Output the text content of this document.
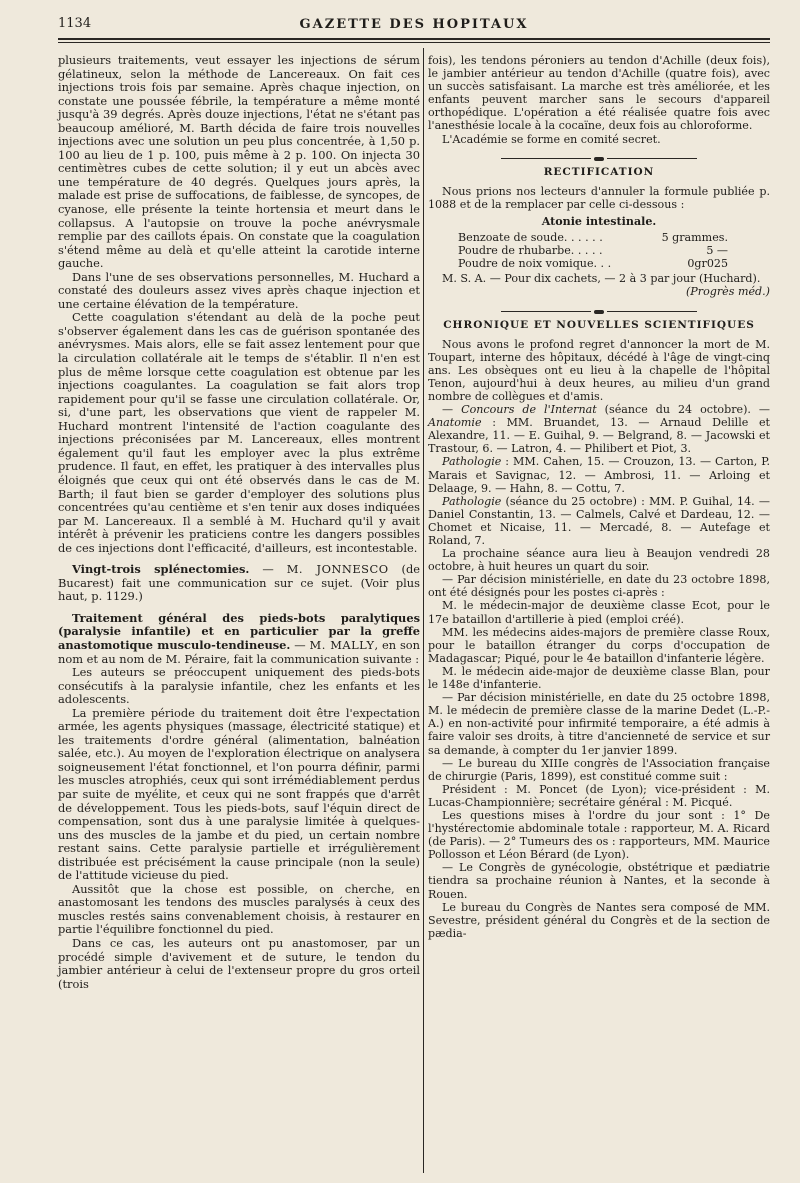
1134	GAZETTE DES HOPITAUX

plusieurs traitements, veut essayer les injections de sérum gélatineux, selon la méthode de Lancereaux. On fait ces injections trois fois par semaine. Après chaque injection, on constate une poussée fébrile, la température a même monté jusqu'à 39 degrés. Après douze injections, l'état ne s'étant pas beaucoup amélioré, M. Barth décida de faire trois nouvelles injections avec une solution un peu plus concentrée, à 1,50 p. 100 au lieu de 1 p. 100, puis même à 2 p. 100. On injecta 30 centimètres cubes de cette solution; il y eut un abcès avec une température de 40 degrés. Quelques jours après, la malade est prise de suffocations, de faiblesse, de syncopes, de cyanose, elle présente la teinte hortensia et meurt dans le collapsus. A l'autopsie on trouve la poche anévrysmale remplie par des caillots épais. On constate que la coagulation s'étend même au delà et qu'elle atteint la carotide interne gauche.

Dans l'une de ses observations personnelles, M. Huchard a constaté des douleurs assez vives après chaque injection et une certaine élévation de la température.

Cette coagulation s'étendant au delà de la poche peut s'observer également dans les cas de guérison spontanée des anévrysmes. Mais alors, elle se fait assez lentement pour que la circulation collatérale ait le temps de s'établir. Il n'en est plus de même lorsque cette coagulation est obtenue par les injections coagulantes. La coagulation se fait alors trop rapidement pour qu'il se fasse une circulation collatérale. Or, si, d'une part, les observations que vient de rappeler M. Huchard montrent l'intensité de l'action coagulante des injections préconisées par M. Lancereaux, elles montrent également qu'il faut les employer avec la plus extrême prudence. Il faut, en effet, les pratiquer à des intervalles plus éloignés que ceux qui ont été observés dans le cas de M. Barth; il faut bien se garder d'employer des solutions plus concentrées qu'au centième et s'en tenir aux doses indiquées par M. Lancereaux. Il a semblé à M. Huchard qu'il y avait intérêt à prévenir les praticiens contre les dangers possibles de ces injections dont l'efficacité, d'ailleurs, est incontestable.

Vingt-trois splénectomies. — M. JONNESCO (de Bucarest) fait une communication sur ce sujet. (Voir plus haut, p. 1129.)

Traitement général des pieds-bots paralytiques (paralysie infantile) et en particulier par la greffe anastomotique musculo-tendineuse. — M. MALLY, en son nom et au nom de M. Péraire, fait la communication suivante :

Les auteurs se préoccupent uniquement des pieds-bots consécutifs à la paralysie infantile, chez les enfants et les adolescents.

La première période du traitement doit être l'expectation armée, les agents physiques (massage, électricité statique) et les traitements d'ordre général (alimentation, balnéation salée, etc.). Au moyen de l'exploration électrique on analysera soigneusement l'état fonctionnel, et l'on pourra définir, parmi les muscles atrophiés, ceux qui sont irrémédiablement perdus par suite de myélite, et ceux qui ne sont frappés que d'arrêt de développement. Tous les pieds-bots, sauf l'équin direct de compensation, sont dus à une paralysie limitée à quelques-uns des muscles de la jambe et du pied, un certain nombre restant sains. Cette paralysie partielle et irrégulièrement distribuée est précisément la cause principale (non la seule) de l'attitude vicieuse du pied.

Aussitôt que la chose est possible, on cherche, en anastomosant les tendons des muscles paralysés à ceux des muscles restés sains convenablement choisis, à restaurer en partie l'équilibre fonctionnel du pied.

Dans ce cas, les auteurs ont pu anastomoser, par un procédé simple d'avivement et de suture, le tendon du jambier antérieur à celui de l'extenseur propre du gros orteil (trois

fois), les tendons péroniers au tendon d'Achille (deux fois), le jambier antérieur au tendon d'Achille (quatre fois), avec un succès satisfaisant. La marche est très améliorée, et les enfants peuvent marcher sans le secours d'appareil orthopédique. L'opération a été réalisée quatre fois avec l'anesthésie locale à la cocaïne, deux fois au chloroforme.

L'Académie se forme en comité secret.

RECTIFICATION

Nous prions nos lecteurs d'annuler la formule publiée p. 1088 et de la remplacer par celle ci-dessous :

Atonie intestinale.
Benzoate de soude. . . . . .	5 grammes.
Poudre de rhubarbe. . . . .	5 —
Poudre de noix vomique. . .	0gr025

M. S. A. — Pour dix cachets, — 2 à 3 par jour (Huchard).

(Progrès méd.)
CHRONIQUE ET NOUVELLES SCIENTIFIQUES

Nous avons le profond regret d'annoncer la mort de M. Toupart, interne des hôpitaux, décédé à l'âge de vingt-cinq ans. Les obsèques ont eu lieu à la chapelle de l'hôpital Tenon, aujourd'hui à deux heures, au milieu d'un grand nombre de collègues et d'amis.

— Concours de l'Internat (séance du 24 octobre). — Anatomie : MM. Bruandet, 13. — Arnaud Delille et Alexandre, 11. — E. Guihal, 9. — Belgrand, 8. — Jacowski et Trastour, 6. — Latron, 4. — Philibert et Piot, 3.

Pathologie : MM. Cahen, 15. — Crouzon, 13. — Carton, P. Marais et Savignac, 12. — Ambrosi, 11. — Arloing et Delaage, 9. — Hahn, 8. — Cottu, 7.

Pathologie (séance du 25 octobre) : MM. P. Guihal, 14. — Daniel Constantin, 13. — Calmels, Calvé et Dardeau, 12. — Chomet et Nicaise, 11. — Mercadé, 8. — Autefage et Roland, 7.

La prochaine séance aura lieu à Beaujon vendredi 28 octobre, à huit heures un quart du soir.

— Par décision ministérielle, en date du 23 octobre 1898, ont été désignés pour les postes ci-après :

M. le médecin-major de deuxième classe Ecot, pour le 17e bataillon d'artillerie à pied (emploi créé).

MM. les médecins aides-majors de première classe Roux, pour le bataillon étranger du corps d'occupation de Madagascar; Piqué, pour le 4e bataillon d'infanterie légère.

M. le médecin aide-major de deuxième classe Blan, pour le 148e d'infanterie.

— Par décision ministérielle, en date du 25 octobre 1898, M. le médecin de première classe de la marine Dedet (L.-P.-A.) en non-activité pour infirmité temporaire, a été admis à faire valoir ses droits, à titre d'ancienneté de service et sur sa demande, à compter du 1er janvier 1899.

— Le bureau du XIIIe congrès de l'Association française de chirurgie (Paris, 1899), est constitué comme suit :

Président : M. Poncet (de Lyon); vice-président : M. Lucas-Championnière; secrétaire général : M. Picqué.

Les questions mises à l'ordre du jour sont : 1° De l'hystérectomie abdominale totale : rapporteur, M. A. Ricard (de Paris). — 2° Tumeurs des os : rapporteurs, MM. Maurice Pollosson et Léon Bérard (de Lyon).

— Le Congrès de gynécologie, obstétrique et pædiatrie tiendra sa prochaine réunion à Nantes, et la seconde à Rouen.

Le bureau du Congrès de Nantes sera composé de MM. Sevestre, président général du Congrès et de la section de pædia-
